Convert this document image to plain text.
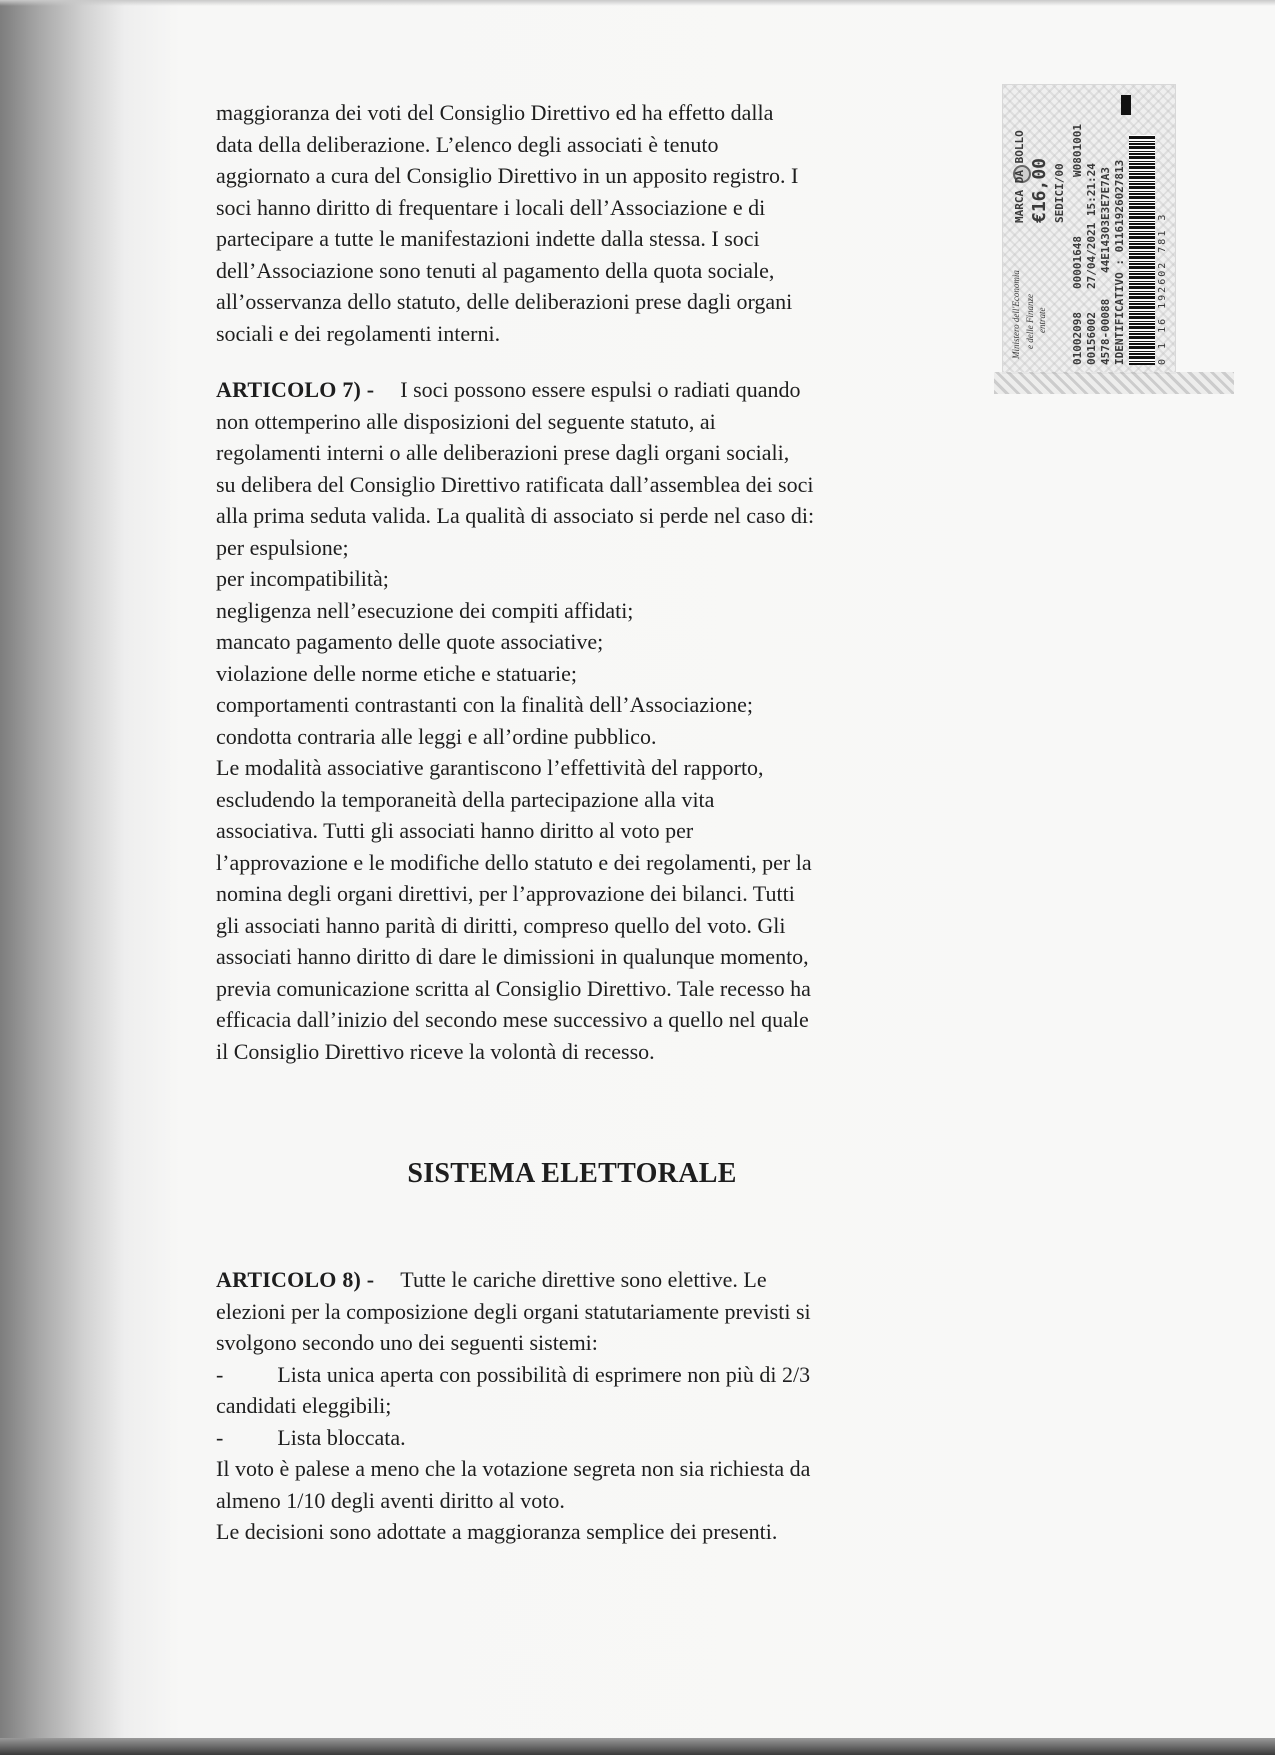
Ministero dell'Economia e delle Finanze entrate
MARCA DA BOLLO €16,00 SEDICI/00
01002098
00001648
W0801001
00156002
27/04/2021 15:21:24
4578-00088
44E14303E3E7E7A3 IDENTIFICATIVO : 01161926027813	0 1 16 192602 781 3
maggioranza dei voti del Consiglio Direttivo ed ha effetto dalla
data della deliberazione. L’elenco degli associati è tenuto
aggiornato a cura del Consiglio Direttivo in un apposito registro. I
soci hanno diritto di frequentare i locali dell’Associazione e di
partecipare a tutte le manifestazioni indette dalla stessa. I soci
dell’Associazione sono tenuti al pagamento della quota sociale,
all’osservanza dello statuto, delle deliberazioni prese dagli organi
sociali e dei regolamenti interni.
ARTICOLO 7) - I soci possono essere espulsi o radiati quando
non ottemperino alle disposizioni del seguente statuto, ai
regolamenti interni o alle deliberazioni prese dagli organi sociali,
su delibera del Consiglio Direttivo ratificata dall’assemblea dei soci
alla prima seduta valida. La qualità di associato si perde nel caso di:
per espulsione;
per incompatibilità;
negligenza nell’esecuzione dei compiti affidati;
mancato pagamento delle quote associative;
violazione delle norme etiche e statuarie;
comportamenti contrastanti con la finalità dell’Associazione;
condotta contraria alle leggi e all’ordine pubblico.
Le modalità associative garantiscono l’effettività del rapporto,
escludendo la temporaneità della partecipazione alla vita
associativa. Tutti gli associati hanno diritto al voto per
l’approvazione e le modifiche dello statuto e dei regolamenti, per la
nomina degli organi direttivi, per l’approvazione dei bilanci. Tutti
gli associati hanno parità di diritti, compreso quello del voto. Gli
associati hanno diritto di dare le dimissioni in qualunque momento,
previa comunicazione scritta al Consiglio Direttivo. Tale recesso ha
efficacia dall’inizio del secondo mese successivo a quello nel quale
il Consiglio Direttivo riceve la volontà di recesso.
SISTEMA ELETTORALE
ARTICOLO 8) - Tutte le cariche direttive sono elettive. Le
elezioni per la composizione degli organi statutariamente previsti si
svolgono secondo uno dei seguenti sistemi:
- Lista unica aperta con possibilità di esprimere non più di 2/3
candidati eleggibili;
- Lista bloccata.
Il voto è palese a meno che la votazione segreta non sia richiesta da
almeno 1/10 degli aventi diritto al voto.
Le decisioni sono adottate a maggioranza semplice dei presenti.
